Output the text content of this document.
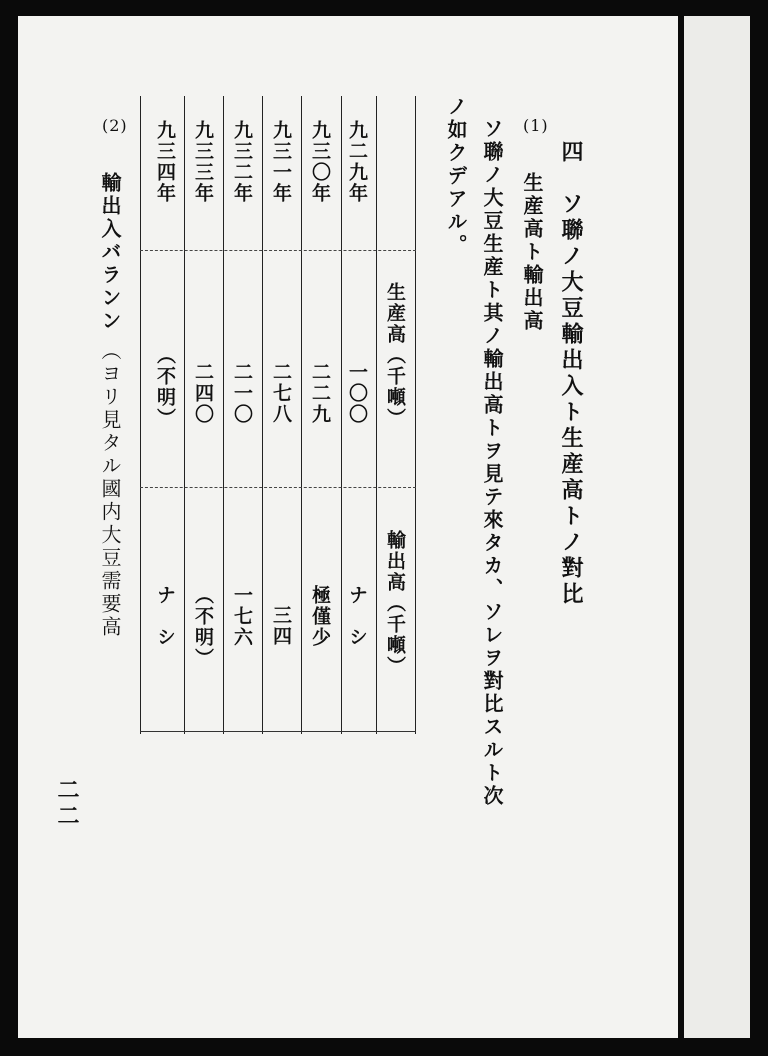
四　ソ聯ノ大豆輸出入ト生産高トノ對比
(1)
生産高ト輸出高
ソ聯ノ大豆生産ト其ノ輸出高トヲ見テ來タカ、ソレヲ對比スルト次
ノ如クデアル。
生産高（千噸）
輸出高（千噸）
九二九年
九三〇年
九三一年
九三二年
九三三年
九三四年
一〇〇
二二九
二七八
二一〇
二四〇
（不明）
ナ　シ
極僅少
三四
一七六
（不明）
ナ　シ
(2)
輸出入バランン
（ヨリ見タル國内大豆需要高
二二
